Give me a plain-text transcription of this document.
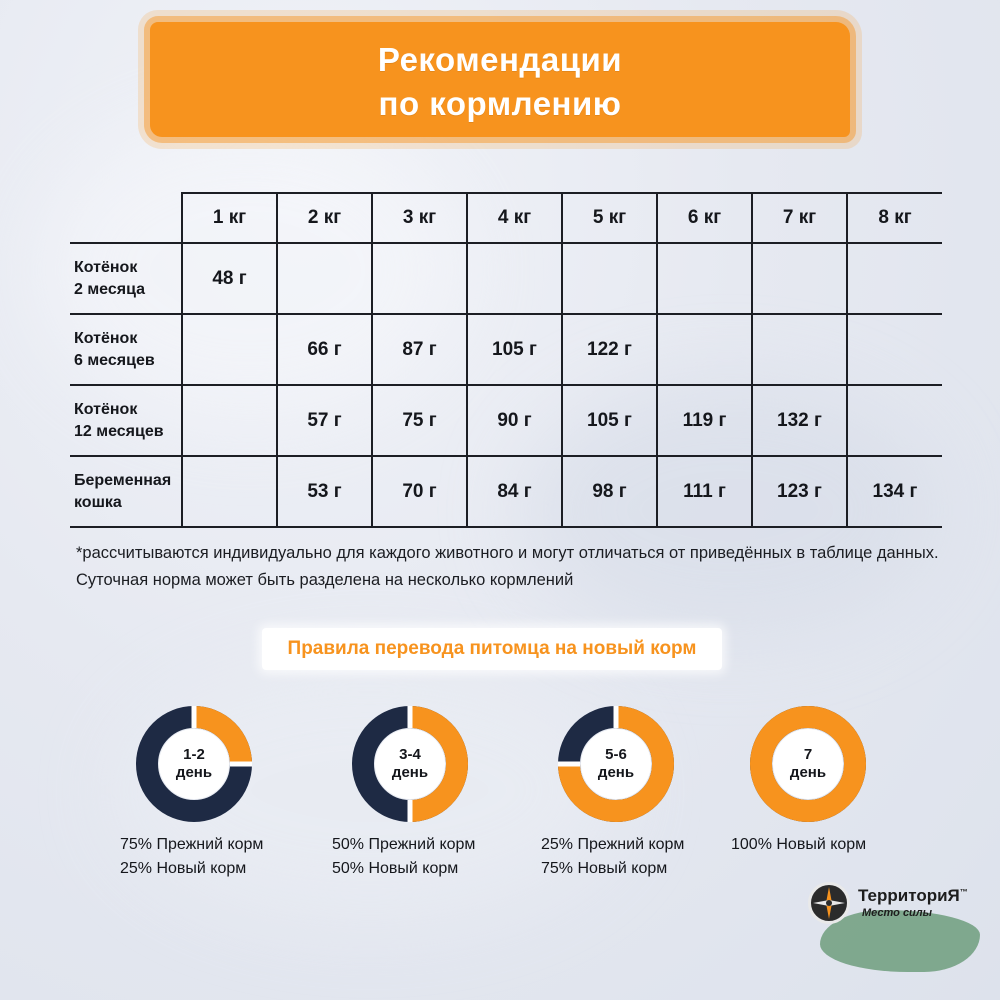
Рекомендации
по кормлению
	1 кг	2 кг	3 кг	4 кг	5 кг	6 кг	7 кг	8 кг
Котёнок
2 месяца	48 г							
Котёнок
6 месяцев		66 г	87 г	105 г	122 г			
Котёнок
12 месяцев		57 г	75 г	90 г	105 г	119 г	132 г	
Беременная
кошка		53 г	70 г	84 г	98 г	111 г	123 г	134 г
*рассчитываются индивидуально для каждого животного и могут отличаться от приведённых в таблице данных. Суточная норма может быть разделена на несколько кормлений
Правила перевода питомца на новый корм
1-2
день
3-4
день
5-6
день
7
день
75% Прежний корм
25% Новый корм
50% Прежний корм
50% Новый корм
25% Прежний корм
75% Новый корм
100% Новый корм
ТерриториЯ™
Место силы
